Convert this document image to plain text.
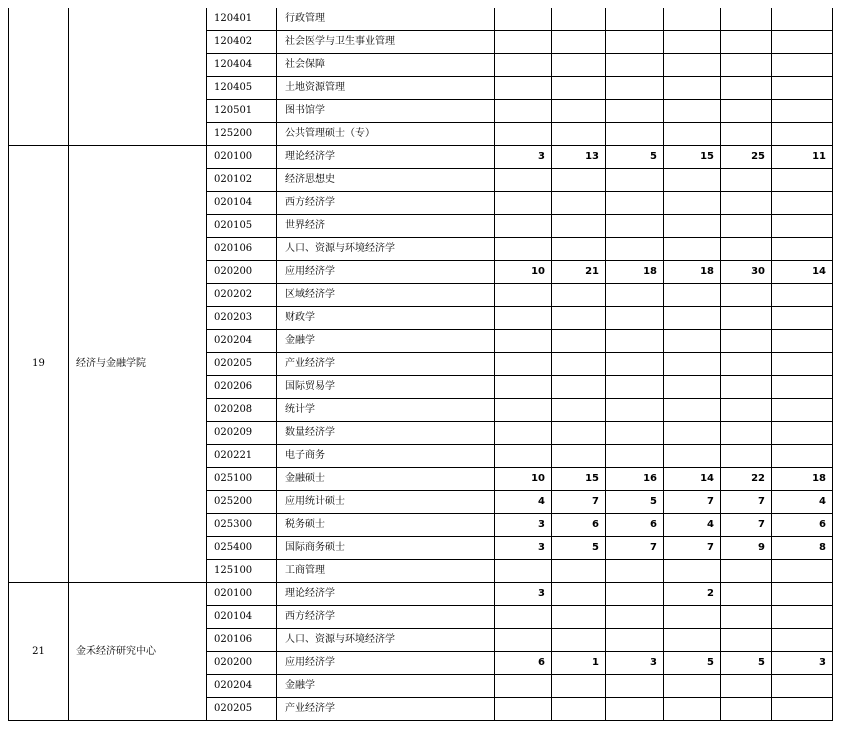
		120401	行政管理						
		120402	社会医学与卫生事业管理						
		120404	社会保障						
		120405	土地资源管理						
		120501	图书馆学						
		125200	公共管理硕士（专）						
19	经济与金融学院	020100	理论经济学	3	13	5	15	25	11
		020102	经济思想史						
		020104	西方经济学						
		020105	世界经济						
		020106	人口、资源与环境经济学						
		020200	应用经济学	10	21	18	18	30	14
		020202	区域经济学						
		020203	财政学						
		020204	金融学						
		020205	产业经济学						
		020206	国际贸易学						
		020208	统计学						
		020209	数量经济学						
		020221	电子商务						
		025100	金融硕士	10	15	16	14	22	18
		025200	应用统计硕士	4	7	5	7	7	4
		025300	税务硕士	3	6	6	4	7	6
		025400	国际商务硕士	3	5	7	7	9	8
		125100	工商管理						
21	金禾经济研究中心	020100	理论经济学	3			2		
		020104	西方经济学						
		020106	人口、资源与环境经济学						
		020200	应用经济学	6	1	3	5	5	3
		020204	金融学						
		020205	产业经济学						
